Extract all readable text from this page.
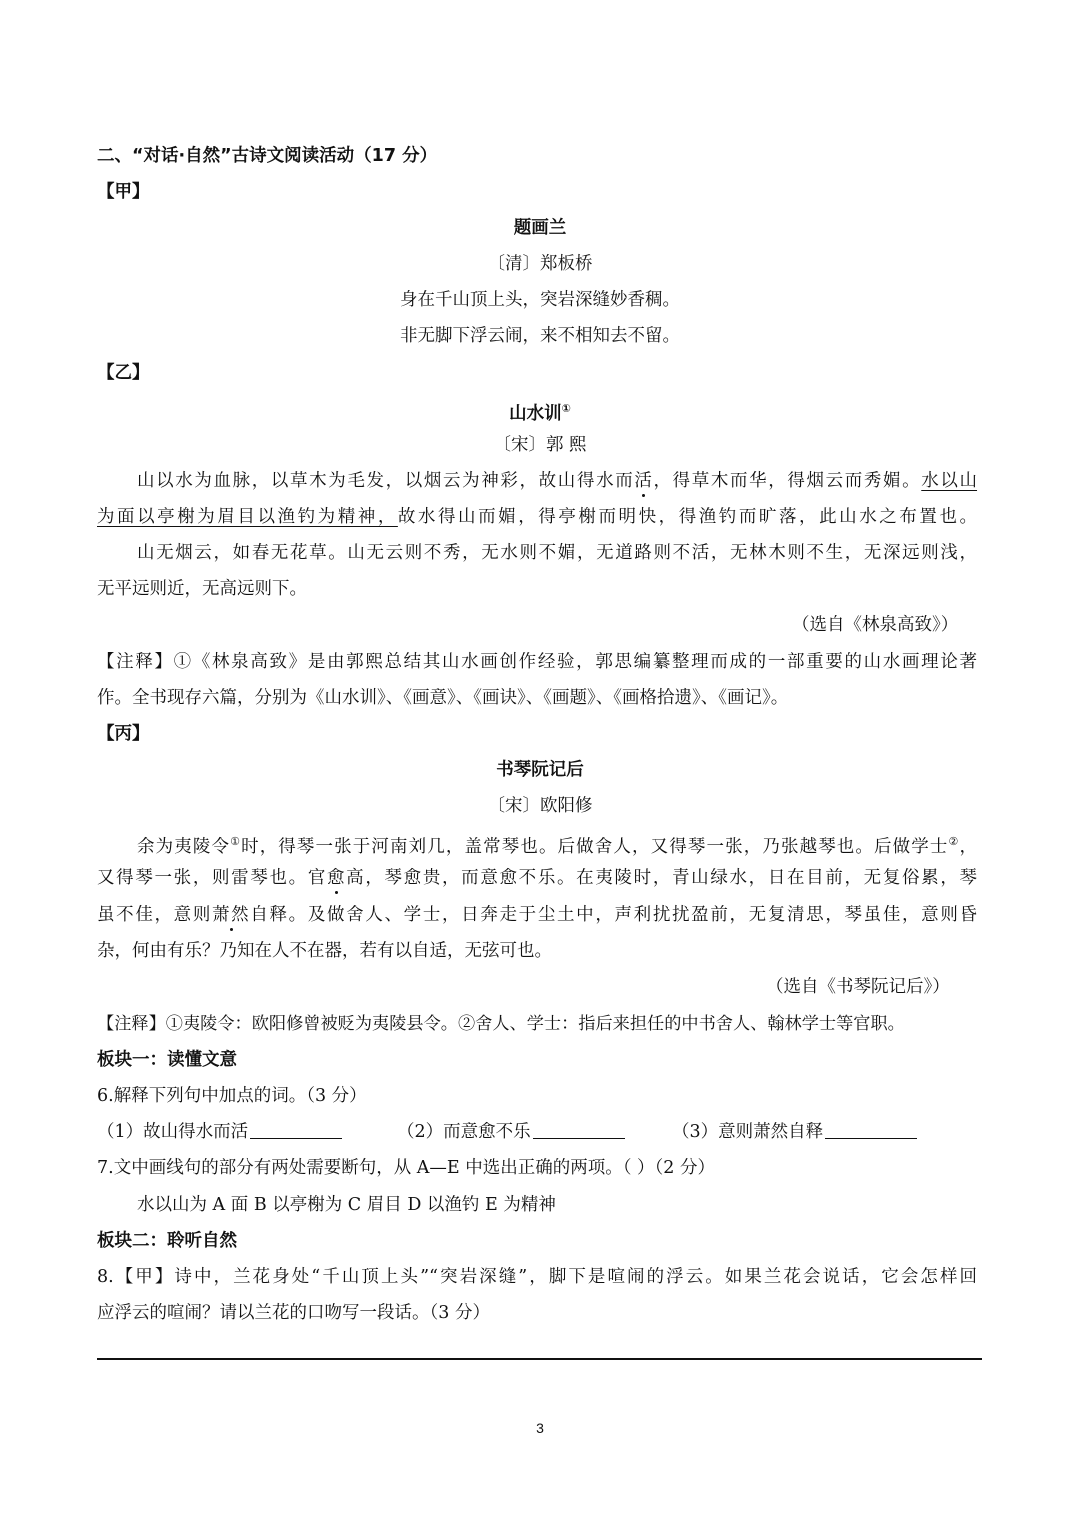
二、“对话·自然”古诗文阅读活动（17 分）
【甲】
题画兰
〔清〕郑板桥
身在千山顶上头，突岩深缝妙香稠。
非无脚下浮云闹，来不相知去不留。
【乙】
山水训①
〔宋〕郭 熙
山以水为血脉，以草木为毛发，以烟云为神彩，故山得水而活，得草木而华，得烟云而秀媚。水以山
为面以亭榭为眉目以渔钓为精神，故水得山而媚，得亭榭而明快，得渔钓而旷落，此山水之布置也。
山无烟云，如春无花草。山无云则不秀，无水则不媚，无道路则不活，无林木则不生，无深远则浅，
无平远则近，无高远则下。
（选自《林泉高致》）
【注释】①《林泉高致》是由郭熙总结其山水画创作经验，郭思编纂整理而成的一部重要的山水画理论著
作。全书现存六篇，分别为《山水训》、《画意》、《画诀》、《画题》、《画格拾遗》、《画记》。
【丙】
书琴阮记后
〔宋〕欧阳修
余为夷陵令①时，得琴一张于河南刘几，盖常琴也。后做舍人，又得琴一张，乃张越琴也。后做学士②，
又得琴一张，则雷琴也。官愈高，琴愈贵，而意愈不乐。在夷陵时，青山绿水，日在目前，无复俗累，琴
虽不佳，意则萧然自释。及做舍人、学士，日奔走于尘土中，声利扰扰盈前，无复清思，琴虽佳，意则昏
杂，何由有乐？乃知在人不在器，若有以自适，无弦可也。
（选自《书琴阮记后》）
【注释】①夷陵令：欧阳修曾被贬为夷陵县令。②舍人、学士：指后来担任的中书舍人、翰林学士等官职。
板块一：读懂文意
6.解释下列句中加点的词。（3 分）
（1）故山得水而活	（2）而意愈不乐	（3）意则萧然自释
7.文中画线句的部分有两处需要断句，从 A—E 中选出正确的两项。（ ）（2 分）
水以山为 A 面 B 以亭榭为 C 眉目 D 以渔钓 E 为精神
板块二：聆听自然
8.【甲】诗中，兰花身处“千山顶上头”“突岩深缝”，脚下是喧闹的浮云。如果兰花会说话，它会怎样回
应浮云的喧闹？请以兰花的口吻写一段话。（3 分）
3
